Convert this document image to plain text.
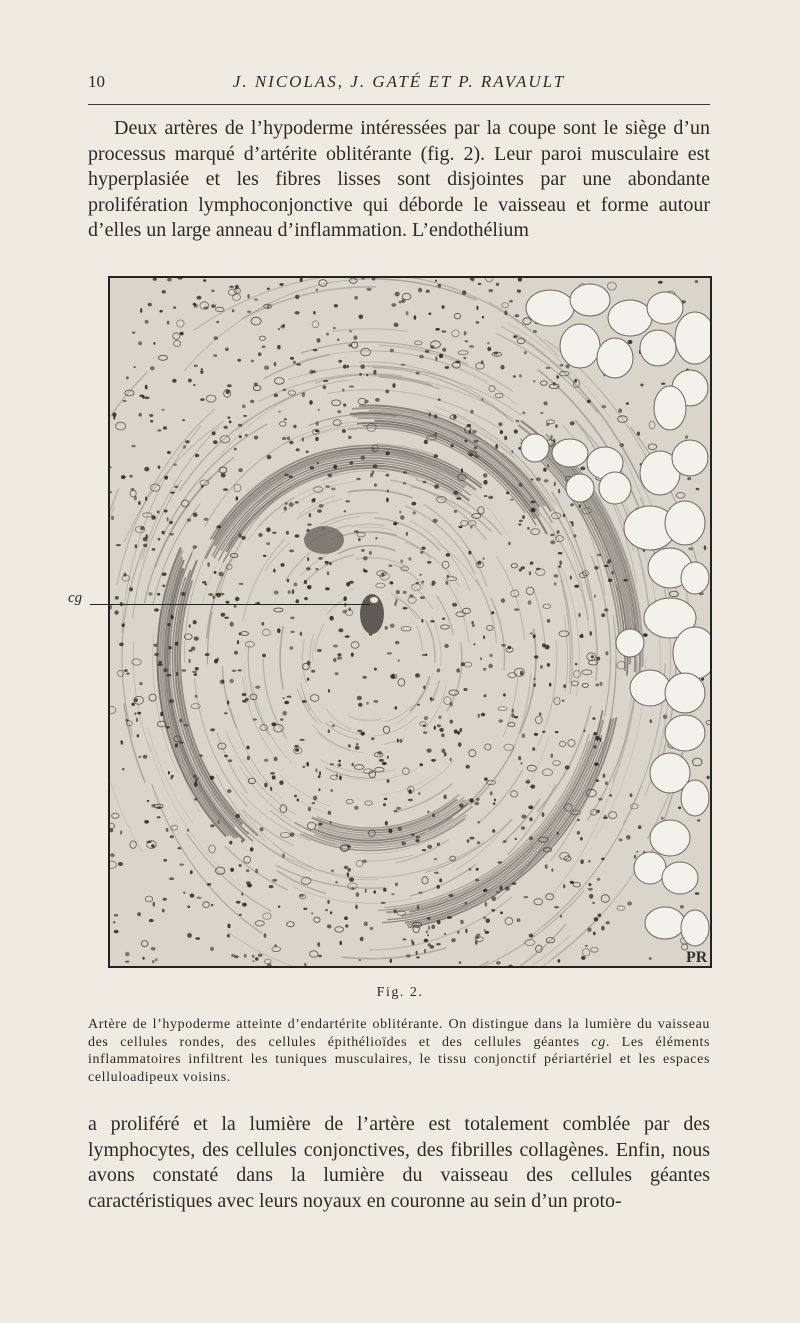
10	J. NICOLAS, J. GATÉ ET P. RAVAULT

Deux artères de l’hypoderme intéressées par la coupe sont le siège d’un processus marqué d’artérite oblitérante (fig. 2). Leur paroi musculaire est hyperplasiée et les fibres lisses sont disjointes par une abondante prolifération lymphoconjonctive qui déborde le vaisseau et forme autour d’elles un large anneau d’inflammation. L’endothélium

PR
cg
Fig. 2.

Artère de l’hypoderme atteinte d’endartérite oblitérante. On distingue dans la lumière du vaisseau des cellules rondes, des cellules épithélioïdes et des cellules géantes cg. Les éléments inflammatoires infiltrent les tuniques musculaires, le tissu conjonctif périartériel et les espaces celluloadipeux voisins.

a proliféré et la lumière de l’artère est totalement comblée par des lymphocytes, des cellules conjonctives, des fibrilles collagènes. Enfin, nous avons constaté dans la lumière du vaisseau des cellules géantes caractéristiques avec leurs noyaux en couronne au sein d’un proto-
